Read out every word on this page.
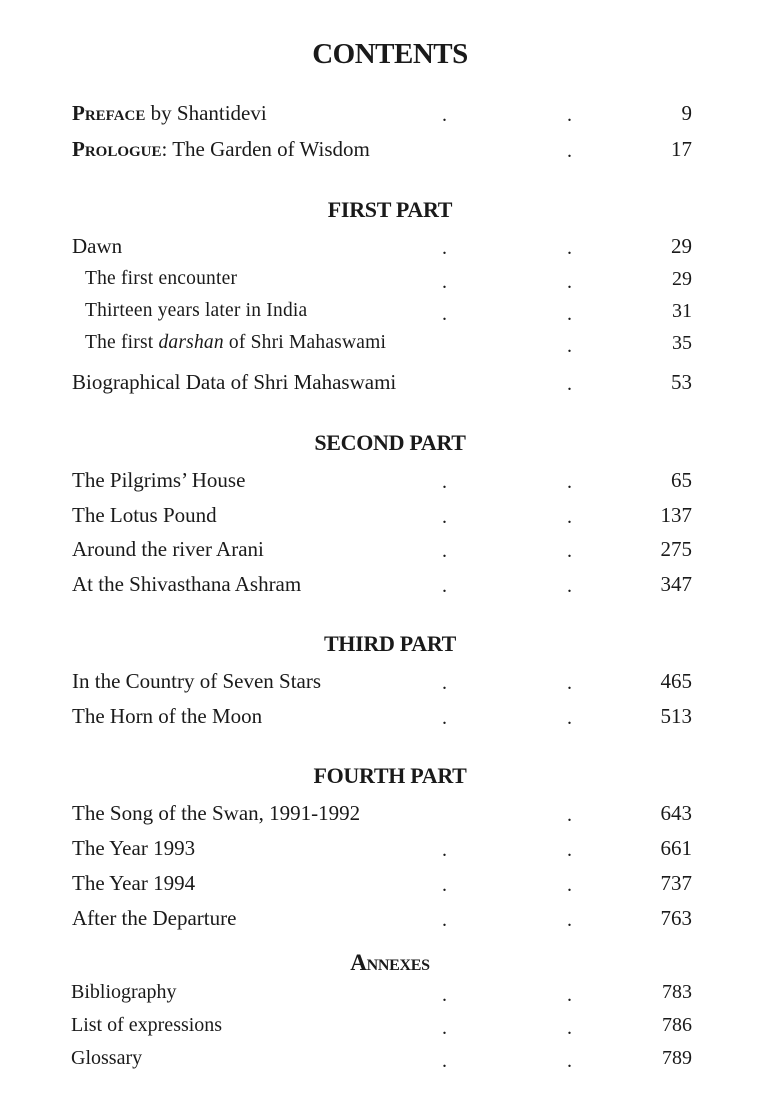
CONTENTS
Preface by Shantidevi	.	.	9
Prologue: The Garden of Wisdom	.	17
FIRST PART
Dawn	.	.	29
The first encounter	.	.	29
Thirteen years later in India	.	.	31
The first darshan of Shri Mahaswami	.	35
Biographical Data of Shri Mahaswami	.	53
SECOND PART
The Pilgrims’ House	.	.	65
The Lotus Pound	.	.	137
Around the river Arani	.	.	275
At the Shivasthana Ashram	.	.	347
THIRD PART
In the Country of Seven Stars	.	.	465
The Horn of the Moon	.	.	513
FOURTH PART
The Song of the Swan, 1991-1992	.	643
The Year 1993	.	.	661
The Year 1994	.	.	737
After the Departure	.	.	763
Annexes
Bibliography	.	.	783
List of expressions	.	.	786
Glossary	.	.	789
